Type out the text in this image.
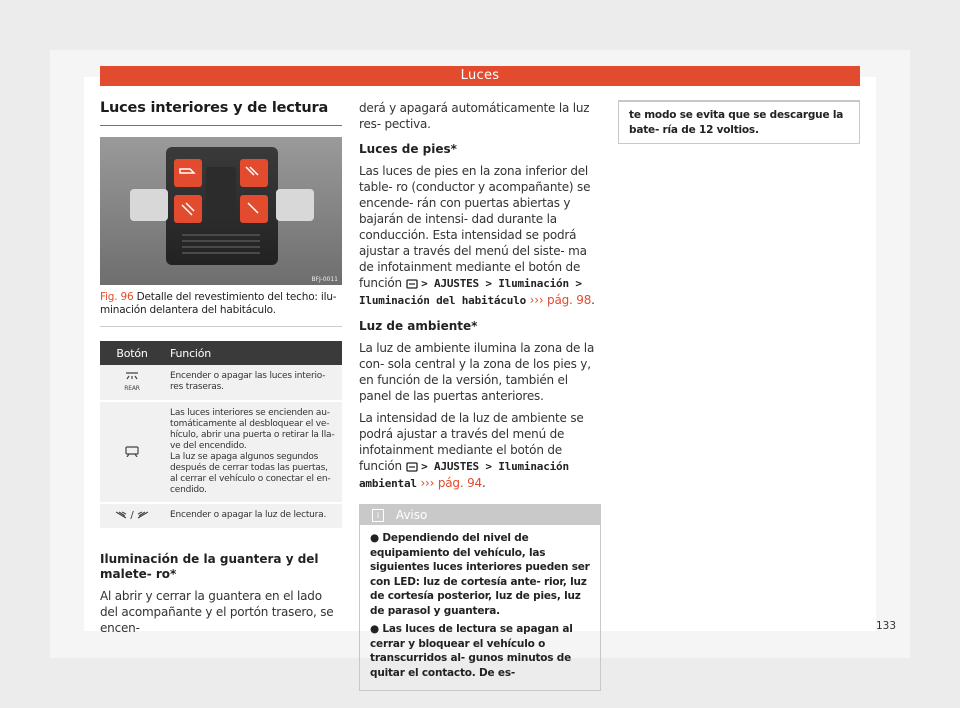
Luces
Luces interiores y de lectura
BFJ-0011
Fig. 96 Detalle del revestimiento del techo: ilu- minación delantera del habitáculo.
Botón	Función

REAR	Encender o apagar las luces interio- res traseras.

Las luces interiores se encienden au- tomáticamente al desbloquear el ve- hículo, abrir una puerta o retirar la lla- ve del encendido.
La luz se apaga algunos segundos después de cerrar todas las puertas, al cerrar el vehículo o conectar el en- cendido.

/	Encender o apagar la luz de lectura.
Iluminación de la guantera y del malete- ro*

Al abrir y cerrar la guantera en el lado del acompañante y el portón trasero, se encen-

derá y apagará automáticamente la luz res- pectiva.

Luces de pies*

Las luces de pies en la zona inferior del table- ro (conductor y acompañante) se encende- rán con puertas abiertas y bajarán de intensi- dad durante la conducción. Esta intensidad se podrá ajustar a través del menú del siste- ma de infotainment mediante el botón de función > AJUSTES > Iluminación > Iluminación del habitáculo ››› pág. 98.

Luz de ambiente*

La luz de ambiente ilumina la zona de la con- sola central y la zona de los pies y, en función de la versión, también el panel de las puertas anteriores.

La intensidad de la luz de ambiente se podrá ajustar a través del menú de infotainment mediante el botón de función > AJUSTES > Iluminación ambiental ››› pág. 94.

i Aviso

● Dependiendo del nivel de equipamiento del vehículo, las siguientes luces interiores pueden ser con LED: luz de cortesía ante- rior, luz de cortesía posterior, luz de pies, luz de parasol y guantera.

● Las luces de lectura se apagan al cerrar y bloquear el vehículo o transcurridos al- gunos minutos de quitar el contacto. De es-

te modo se evita que se descargue la bate- ría de 12 voltios.
133
